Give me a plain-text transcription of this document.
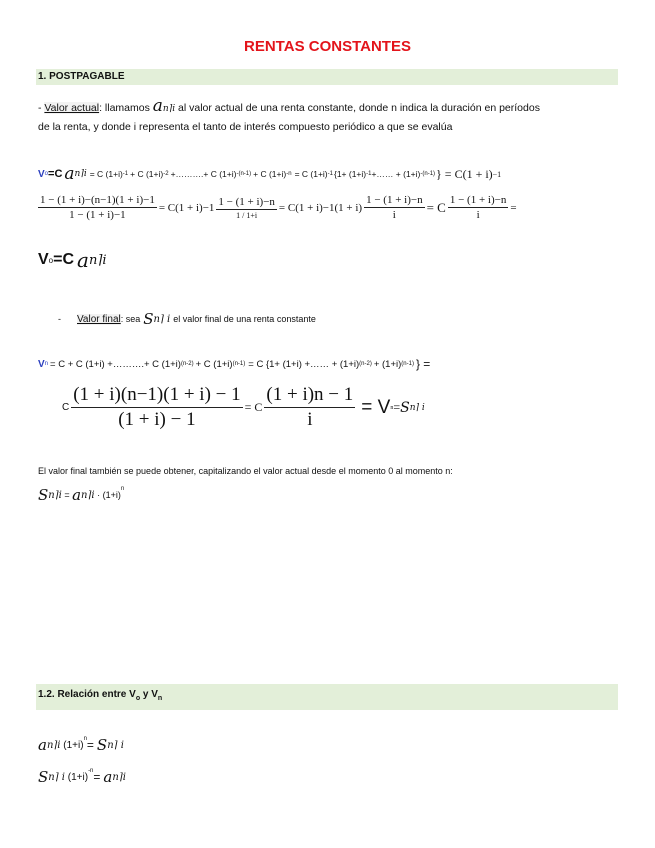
RENTAS CONSTANTES
1. POSTPAGABLE
- Valor actual: llamamos an⌉i al valor actual de una renta constante, donde n indica la duración en períodos
de la renta, y donde i representa el tanto de interés compuesto periódico a que se evalúa
V o =C a n⌉i = C (1+i) -1 + C (1+i) -2 +……….+ C (1+i) -(n-1) + C (1+i) -n = C (1+i) -1 {1+ (1+i) -1 +…… + (1+i) -(n-1) } = C(1 + i) −1
$\frac{1 - (1 + i)-(n-1)(1 + i)-1}{1 - (1 + i)-1} = C(1 + i)-1 \frac{1 - (1 + i)-n}{1 / 1+i} = C(1 + i)-1(1 + i) \frac{1 - (1 + i)-n}{i} = C \frac{1 - (1 + i)-n}{i}$ =
V o =C a n⌉i
-	Valor final : sea S n⌉ i el valor final de una renta constante
V n = C + C (1+i) +……….+ C (1+i) (n-2) + C (1+i) (n-1) = C {1+ (1+i) +…… + (1+i) (n-2) + (1+i) (n-1) } =
C $\frac{(1 + i)(n-1)(1 + i) - 1}{(1 + i) - 1} = C \frac{(1 + i)n - 1}{i} = V$ n = S n⌉ i
El valor final también se puede obtener, capitalizando el valor actual desde el momento 0 al momento n:
S n⌉i = a n⌉i · (1+i)
$^n$
1.2. Relación entre $V_o$ y $V_n$
a n⌉i (1+i)
$^n$ = S n⌉ i
S n⌉ i (1+i)
$^{-n}$ = a n⌉i
